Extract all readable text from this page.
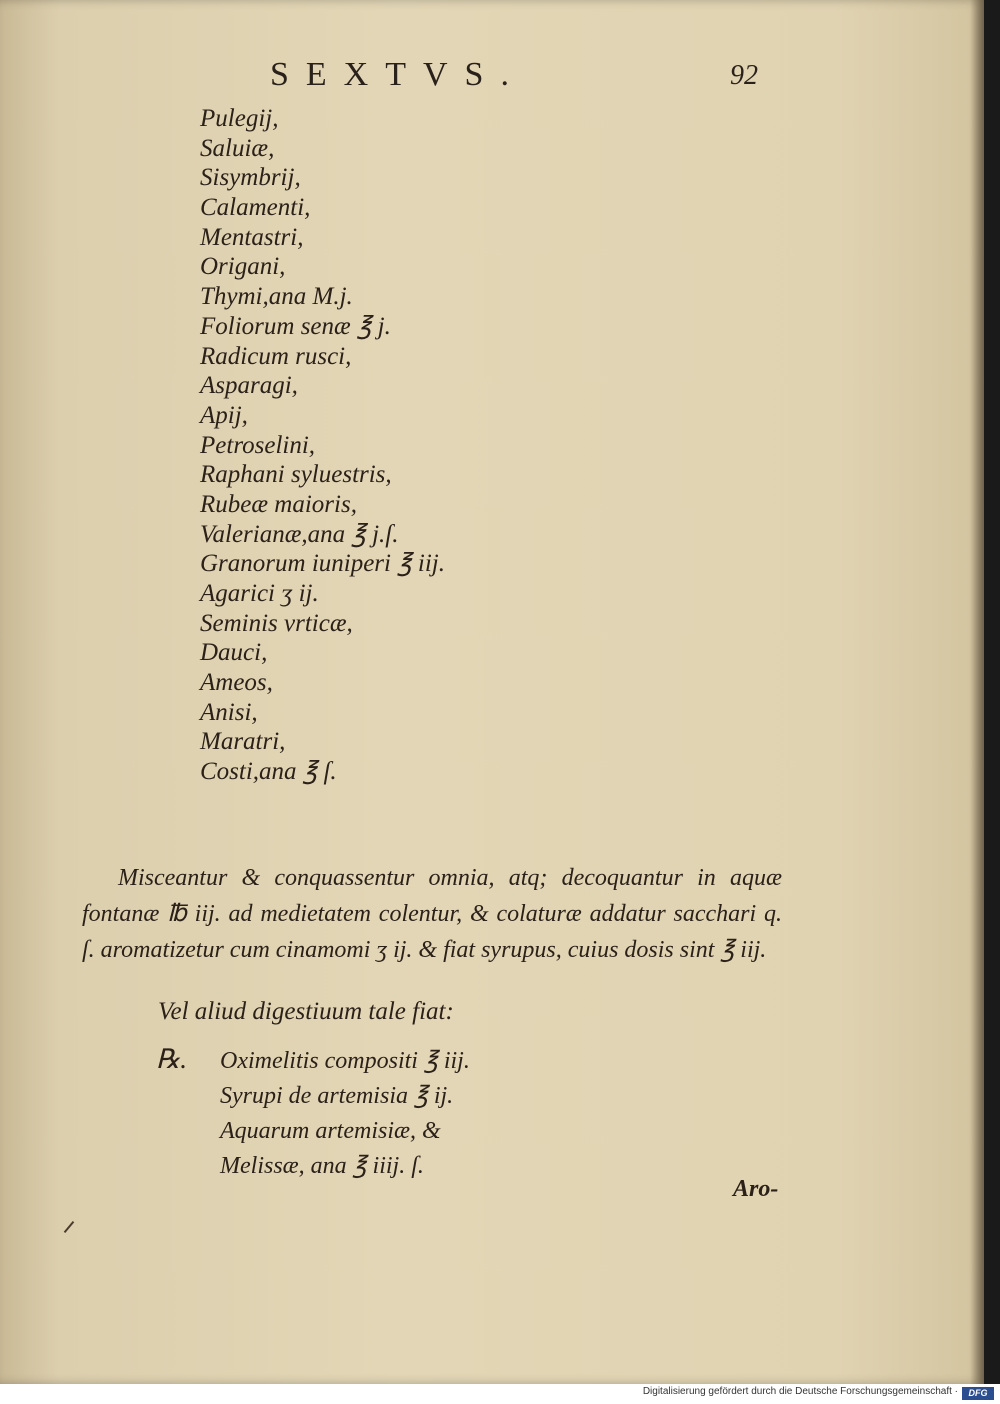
SEXTVS.	92
Pulegij,
Saluiæ,
Sisymbrij,
Calamenti,
Mentastri,
Origani,
Thymi,ana M.j.
Foliorum senæ ℥ j.
Radicum rusci,
Asparagi,
Apij,
Petroselini,
Raphani syluestris,
Rubeæ maioris,
Valerianæ,ana ℥ j.ſ.
Granorum iuniperi ℥ iij.
Agarici ʒ ij.
Seminis vrticæ,
Dauci,
Ameos,
Anisi,
Maratri,
Costi,ana ℥ ſ.

Misceantur & conquassentur omnia, atq; decoquantur in aquæ fontanæ ℔ iij. ad medietatem colentur, & colaturæ addatur sacchari q. ſ. aromatizetur cum cinamomi ʒ ij. & fiat syrupus, cuius dosis sint ℥ iij.

Vel aliud digestiuum tale fiat:
℞. Oximelitis compositi ℥ iij.
Syrupi de artemisia ℥ ij.
Aquarum artemisiæ, &
Melissæ, ana ℥ iiij. ſ.
Aro-
Digitalisierung gefördert durch die Deutsche Forschungsgemeinschaft ·	DFG
